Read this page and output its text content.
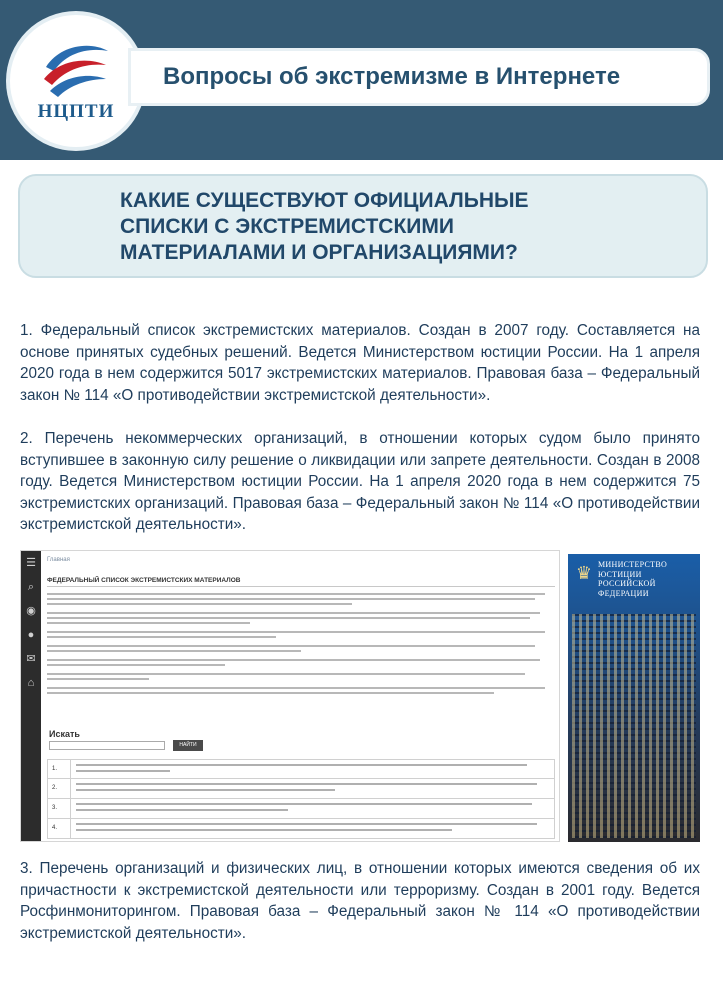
НЦПТИ
Вопросы об экстремизме в Интернете
КАКИЕ СУЩЕСТВУЮТ ОФИЦИАЛЬНЫЕ
СПИСКИ С ЭКСТРЕМИСТСКИМИ
МАТЕРИАЛАМИ И ОРГАНИЗАЦИЯМИ?

1. Федеральный список экстремистских материалов. Создан в 2007 году. Составляется на основе принятых судебных решений. Ведется Министерством юстиции России. На 1 апреля 2020 года в нем содержится 5017 экстремистских материалов. Правовая база – Федеральный закон № 114 «О противодействии экстремистской деятельности».

2. Перечень некоммерческих организаций, в отношении которых судом было принято вступившее в законную силу решение о ликвидации или запрете деятельности. Создан в 2008 году. Ведется Министерством юстиции России. На 1 апреля 2020 года в нем содержится 75 экстремистских организаций. Правовая база – Федеральный закон № 114 «О противодействии экстремистской деятельности».

☰
⌕
◉
●
✉
⌂
Главная
ФЕДЕРАЛЬНЫЙ СПИСОК ЭКСТРЕМИСТСКИХ МАТЕРИАЛОВ
Искать
НАЙТИ
1.
2.
3.
4.
♛ МИНИСТЕРСТВО ЮСТИЦИИ РОССИЙСКОЙ ФЕДЕРАЦИИ

3. Перечень организаций и физических лиц, в отношении которых имеются сведения об их причастности к экстремистской деятельности или терроризму. Создан в 2001 году. Ведется Росфинмониторингом. Правовая база – Федеральный закон № 114 «О противодействии экстремистской деятельности».
